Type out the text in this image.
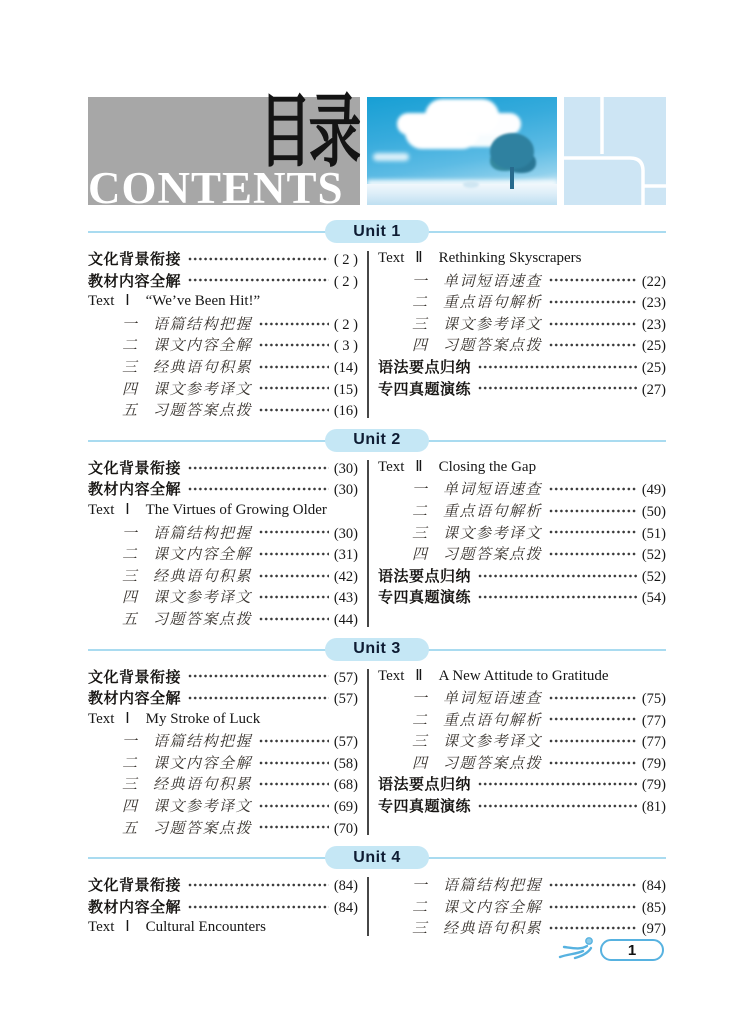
目录
CONTENTS
Unit 1
文化背景衔接	( 2 )
教材内容全解	( 2 )
Text Ⅰ “We’ve Been Hit!”
一 语篇结构把握	( 2 )
二 课文内容全解	( 3 )
三 经典语句积累	(14)
四 课文参考译文	(15)
五 习题答案点拨	(16)
Text Ⅱ Rethinking Skyscrapers
一 单词短语速查	(22)
二 重点语句解析	(23)
三 课文参考译文	(23)
四 习题答案点拨	(25)
语法要点归纳	(25)
专四真题演练	(27)
Unit 2
文化背景衔接	(30)
教材内容全解	(30)
Text Ⅰ The Virtues of Growing Older
一 语篇结构把握	(30)
二 课文内容全解	(31)
三 经典语句积累	(42)
四 课文参考译文	(43)
五 习题答案点拨	(44)
Text Ⅱ Closing the Gap
一 单词短语速查	(49)
二 重点语句解析	(50)
三 课文参考译文	(51)
四 习题答案点拨	(52)
语法要点归纳	(52)
专四真题演练	(54)
Unit 3
文化背景衔接	(57)
教材内容全解	(57)
Text Ⅰ My Stroke of Luck
一 语篇结构把握	(57)
二 课文内容全解	(58)
三 经典语句积累	(68)
四 课文参考译文	(69)
五 习题答案点拨	(70)
Text Ⅱ A New Attitude to Gratitude
一 单词短语速查	(75)
二 重点语句解析	(77)
三 课文参考译文	(77)
四 习题答案点拨	(79)
语法要点归纳	(79)
专四真题演练	(81)
Unit 4
文化背景衔接	(84)
教材内容全解	(84)
Text Ⅰ Cultural Encounters
一 语篇结构把握	(84)
二 课文内容全解	(85)
三 经典语句积累	(97)
1
